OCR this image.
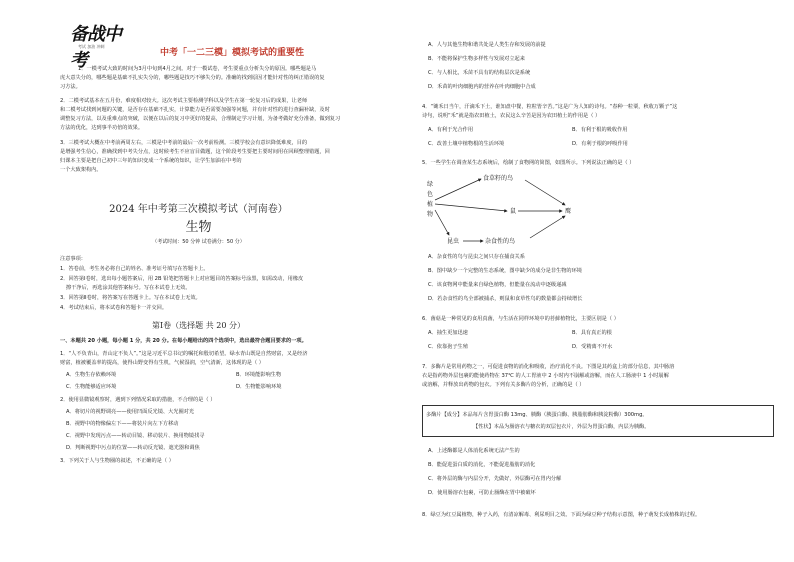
备战中考
考试 加油 冲刺
中考「一二三模」模拟考试的重要性
1．一模考试大致的时间为3月中旬到4月之间。对于一模试卷，考生要重点分析失分的原因。哪些题是马
虎大意失分的，哪些题是基础不扎实失分的，哪些题是技巧不够失分的。准确的找到原因才能针对性的纠正错误的复
习方法。
2．二模考试基本在五月份，难度相对较大。这次考试主要检测学科以及学生在第一轮复习后的成果，让老师
和二模考试找到问题的关键，是否存在基础不扎实，计算能力是否需要加强等问题，并有针对性的进行查漏补缺，及时
调整复习方法，以及重难点的突破，以便在以后的复习中更好的提高，合理制定学习计划，为备考做好充分准备，做到复习
方法的优化，达到事半功倍的效果。
3．三模考试大概在中考前两周左右，三模是中考前的最后一次考前检测。三模学校会有意识降低难度，目的
是增强考生信心，准确找到中考失分点，这时候考生不应盲目做题，这个阶段考生要把主要时间用在回顾整理错题，回
归课本主要是把自己初中三年的知识变成一个系统的知识，让学生加油在中考的
一个大致架构内。
2024 年中考第三次模拟考试（河南卷）
生物
（考试时间：50 分钟 试卷满分：50 分）
注意事项：
1．答卷前，考生务必将自己的姓名、准考证号填写在答题卡上。
2．回答第Ⅰ卷时，选出每小题答案后，用 2B 铅笔把答题卡上对应题目的答案标号涂黑，如需改动，用橡皮
擦干净后，再选涂其他答案标号。写在本试卷上无效。
3．回答第Ⅱ卷时，将答案写在答题卡上。写在本试卷上无效。
4．考试结束后，将本试卷和答题卡一并交回。
第Ⅰ卷（选择题 共 20 分）
一、本题共 20 小题，每小题 1 分，共 20 分。在每小题给出的四个选项中，选出最符合题目要求的一项。
1．“人不负青山，青山定不负人”。”这是习近平总书记的嘱托和殷切希望。绿水青山既是自然财富，又是经济
财富，植被覆盖率的提高，使得山野变得有生机，气候湿润，空气清新，这体现的是（ ）
A．生物生存依赖环境	B．环境能影响生物
C．生物能够适应环境	D．生物能影响环境
2．使用显微镜观察时，遇到下列情况采取的措施，不合理的是（ ）
A．将切片的视野调亮——使用凹面反光镜、大光圈对光
B．视野中的物像偏左下——将装片向左下方移动
C．视野中发现污点——转动目镜、移动装片、换用物镜找寻
D．判断视野中污点的位置——转动反光镜、遮光器和调焦
3．下列关于人与生物圈的叙述，不正确的是（ ）
A．人与其他生物和谐共处是人类生存和发展的前提
B．不能将保护生物多样性与发展对立起来
C．与人相比，禾苗不具有的结构层次是系统
D．禾苗的叶肉细胞内的营养在叶肉细胞中合成
4．“锄禾日当午，汗滴禾下土，谁知盘中餐，粒粒皆辛苦。”这是广为人知的诗句。“春种一粒粟，秋收万颗子”这
诗句，说明“禾”就是指农田植土，农民这么辛苦是因为农田植土的作用是（ ）
A．有利于光合作用	B．有利于根的吸收作用
C．改善土壤中植物根的生活环境	D．有利于根的呼吸作用
5．一些学生在调查某生态系统后，绘制了食物网的简图，如图所示。下列说法正确的是（ ）
A．杂食性的鸟与昆虫之间只存在捕食关系
B．图中缺少一个完整的生态系统，图中缺少的成分是非生物的环境
C．该食物网中能量来自绿色植物，但能量在流动中逐级递减
D．若杂食性的鸟全部被捕杀，则鼠和食草性鸟的数量都会持续增长
6．菌菇是一种常见的食用真菌，与生活在同样环境中的苔藓植物比，主要区别是（ ）
A．抽生更加迅速	B．具有真正的根
C．依靠孢子生殖	D．受精离不开水
7．多酶片是常用药物之一，可促进食物的消化和吸收，治疗消化不良。下图是其药盒上的部分信息，其中肠溶
衣是指药物外层包裹的能使药物在 37℃ 的人工胃液中 2 小时内不崩解或溶解，而在人工肠液中 1 小时崩解
或溶解，并释放出药物的包衣。下列有关多酶片的分析，正确的是（ ）
多酶片【成分】本品每片含胃蛋白酶 13mg、胰酶（胰蛋白酶、胰脂肪酶和胰淀粉酶）300mg。
【性状】本品为肠溶衣与糖衣的双层包衣片，外层为胃蛋白酶，内层为胰酶。
A．上述酶都是人体消化系统无法产生的
B．能促进蛋白质的消化，不能促进脂肪的消化
C．将外层的酶与内层分开，先做好，外层酶可在胃内分解
D．使用肠溶衣包裹，可防止肠酶在胃中被破坏
8．绿豆为红豆属植物，种子入药，有清凉解毒、利尿明目之效。下面为绿豆种子结构示意图，种子萌发长成植株的过程。
绿
色
植
物
食草籽的鸟
鼠	鹰
昆虫	杂食性的鸟
